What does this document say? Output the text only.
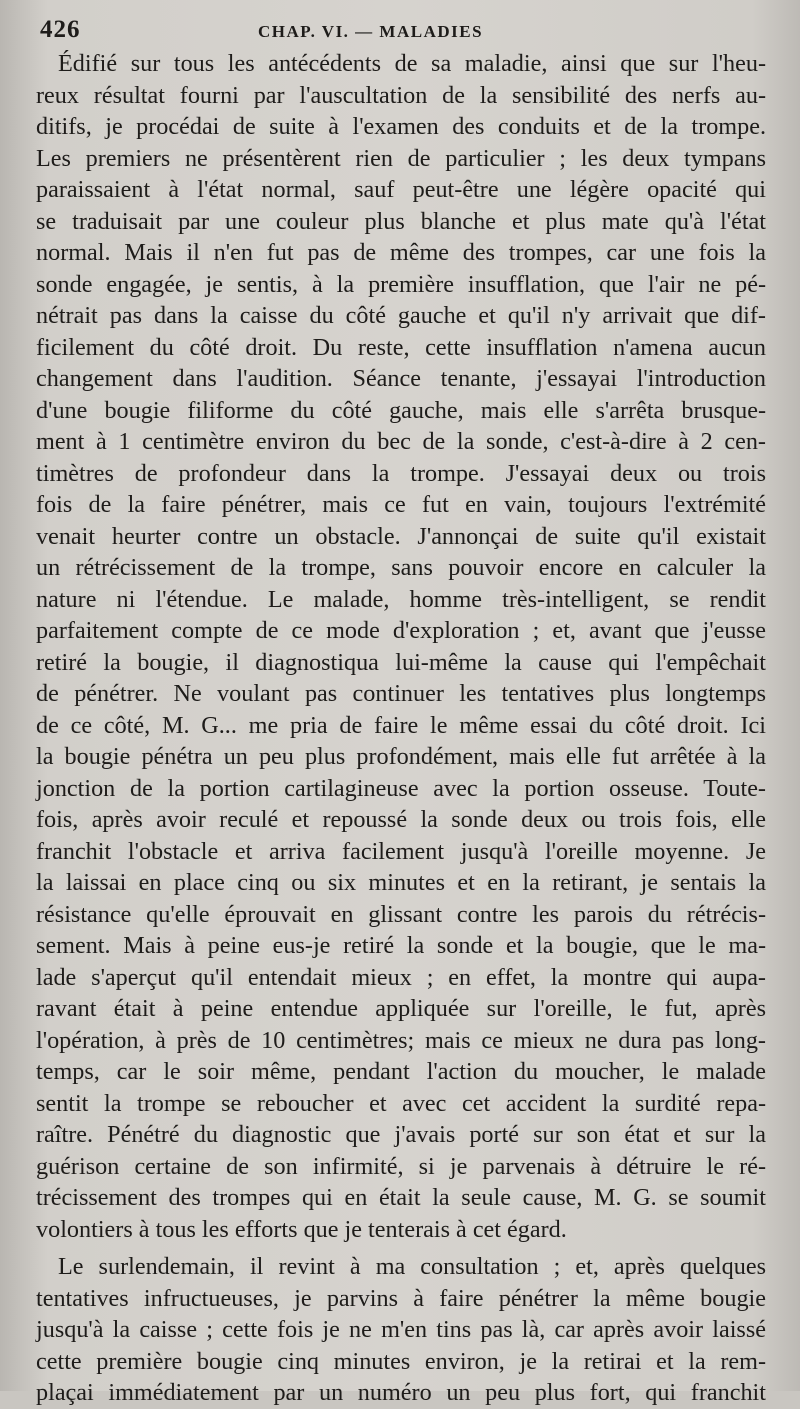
426	CHAP. VI. — MALADIES

Édifié sur tous les antécédents de sa maladie, ainsi que sur l'heu-
reux résultat fourni par l'auscultation de la sensibilité des nerfs au-
ditifs, je procédai de suite à l'examen des conduits et de la trompe.
Les premiers ne présentèrent rien de particulier ; les deux tympans
paraissaient à l'état normal, sauf peut-être une légère opacité qui
se traduisait par une couleur plus blanche et plus mate qu'à l'état
normal. Mais il n'en fut pas de même des trompes, car une fois la
sonde engagée, je sentis, à la première insufflation, que l'air ne pé-
nétrait pas dans la caisse du côté gauche et qu'il n'y arrivait que dif-
ficilement du côté droit. Du reste, cette insufflation n'amena aucun
changement dans l'audition. Séance tenante, j'essayai l'introduction
d'une bougie filiforme du côté gauche, mais elle s'arrêta brusque-
ment à 1 centimètre environ du bec de la sonde, c'est-à-dire à 2 cen-
timètres de profondeur dans la trompe. J'essayai deux ou trois
fois de la faire pénétrer, mais ce fut en vain, toujours l'extrémité
venait heurter contre un obstacle. J'annonçai de suite qu'il existait
un rétrécissement de la trompe, sans pouvoir encore en calculer la
nature ni l'étendue. Le malade, homme très-intelligent, se rendit
parfaitement compte de ce mode d'exploration ; et, avant que j'eusse
retiré la bougie, il diagnostiqua lui-même la cause qui l'empêchait
de pénétrer. Ne voulant pas continuer les tentatives plus longtemps
de ce côté, M. G... me pria de faire le même essai du côté droit. Ici
la bougie pénétra un peu plus profondément, mais elle fut arrêtée à la
jonction de la portion cartilagineuse avec la portion osseuse. Toute-
fois, après avoir reculé et repoussé la sonde deux ou trois fois, elle
franchit l'obstacle et arriva facilement jusqu'à l'oreille moyenne. Je
la laissai en place cinq ou six minutes et en la retirant, je sentais la
résistance qu'elle éprouvait en glissant contre les parois du rétrécis-
sement. Mais à peine eus-je retiré la sonde et la bougie, que le ma-
lade s'aperçut qu'il entendait mieux ; en effet, la montre qui aupa-
ravant était à peine entendue appliquée sur l'oreille, le fut, après
l'opération, à près de 10 centimètres; mais ce mieux ne dura pas long-
temps, car le soir même, pendant l'action du moucher, le malade
sentit la trompe se reboucher et avec cet accident la surdité repa-
raître. Pénétré du diagnostic que j'avais porté sur son état et sur la
guérison certaine de son infirmité, si je parvenais à détruire le ré-
trécissement des trompes qui en était la seule cause, M. G. se soumit
volontiers à tous les efforts que je tenterais à cet égard.

Le surlendemain, il revint à ma consultation ; et, après quelques
tentatives infructueuses, je parvins à faire pénétrer la même bougie
jusqu'à la caisse ; cette fois je ne m'en tins pas là, car après avoir laissé
cette première bougie cinq minutes environ, je la retirai et la rem-
plaçai immédiatement par un numéro un peu plus fort, qui franchit
